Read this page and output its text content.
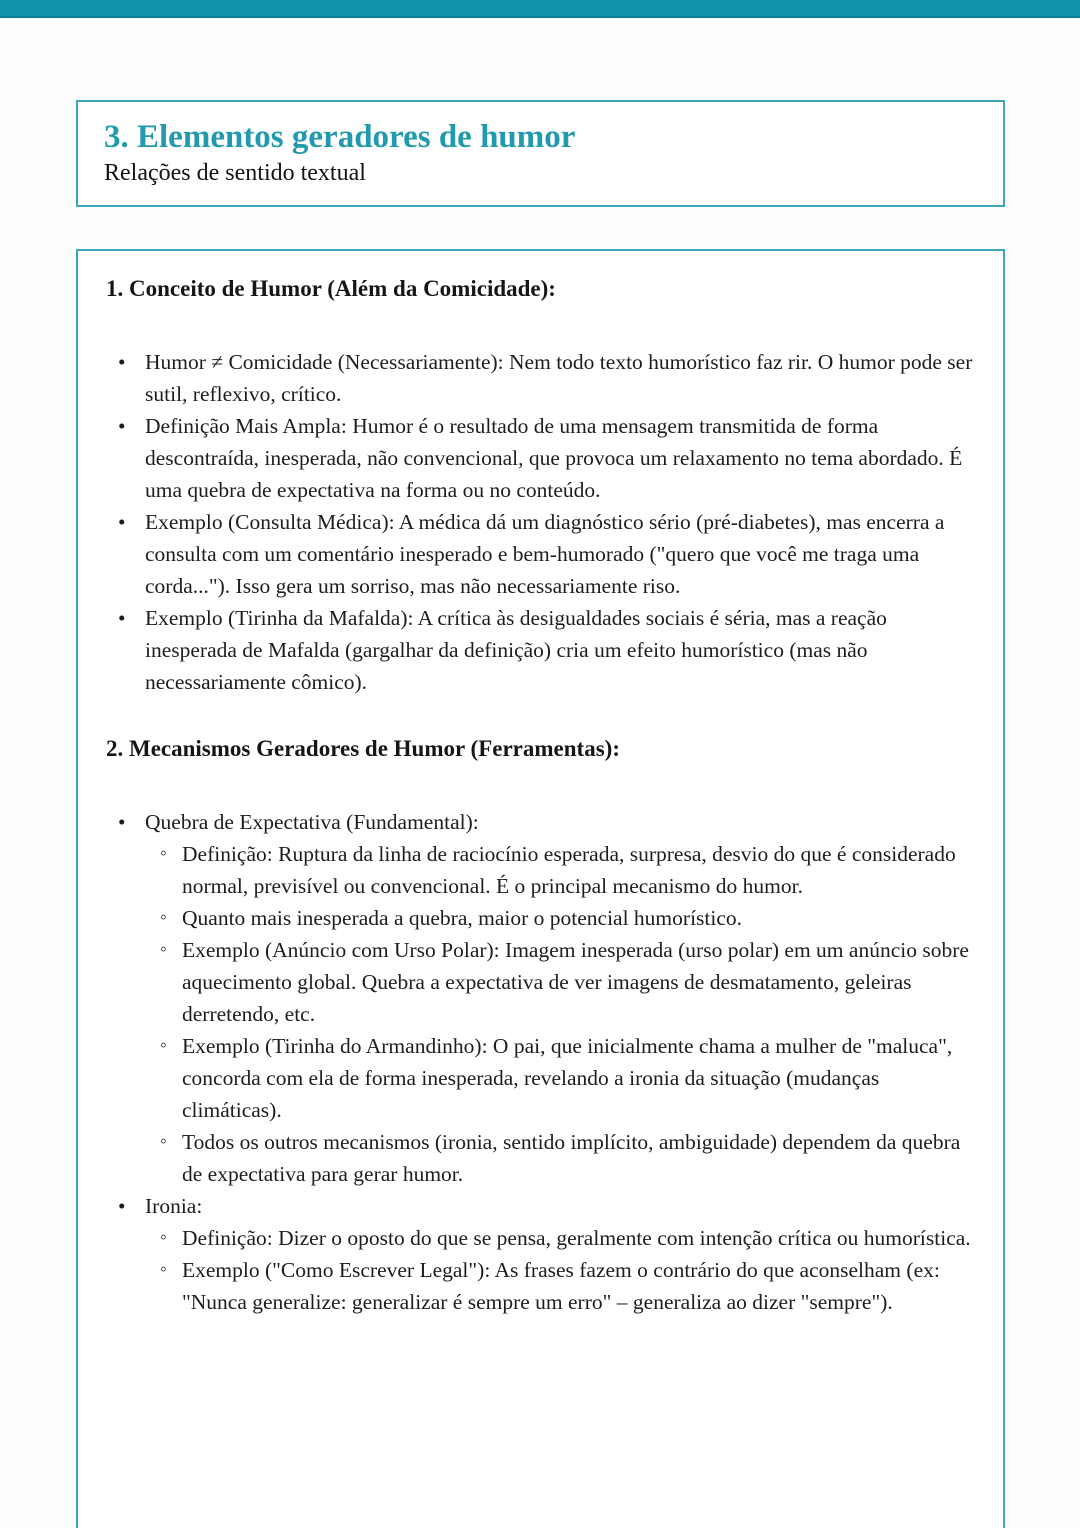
3. Elementos geradores de humor
Relações de sentido textual
1. Conceito de Humor (Além da Comicidade):
• Humor ≠ Comicidade (Necessariamente): Nem todo texto humorístico faz rir. O humor pode ser sutil, reflexivo, crítico.
• Definição Mais Ampla: Humor é o resultado de uma mensagem transmitida de forma descontraída, inesperada, não convencional, que provoca um relaxamento no tema abordado. É uma quebra de expectativa na forma ou no conteúdo.
• Exemplo (Consulta Médica): A médica dá um diagnóstico sério (pré-diabetes), mas encerra a consulta com um comentário inesperado e bem-humorado ("quero que você me traga uma corda..."). Isso gera um sorriso, mas não necessariamente riso.
• Exemplo (Tirinha da Mafalda): A crítica às desigualdades sociais é séria, mas a reação inesperada de Mafalda (gargalhar da definição) cria um efeito humorístico (mas não necessariamente cômico).
2. Mecanismos Geradores de Humor (Ferramentas):
• Quebra de Expectativa (Fundamental):
◦ Definição: Ruptura da linha de raciocínio esperada, surpresa, desvio do que é considerado normal, previsível ou convencional. É o principal mecanismo do humor.
◦ Quanto mais inesperada a quebra, maior o potencial humorístico.
◦ Exemplo (Anúncio com Urso Polar): Imagem inesperada (urso polar) em um anúncio sobre aquecimento global. Quebra a expectativa de ver imagens de desmatamento, geleiras derretendo, etc.
◦ Exemplo (Tirinha do Armandinho): O pai, que inicialmente chama a mulher de "maluca", concorda com ela de forma inesperada, revelando a ironia da situação (mudanças climáticas).
◦ Todos os outros mecanismos (ironia, sentido implícito, ambiguidade) dependem da quebra de expectativa para gerar humor.
• Ironia:
◦ Definição: Dizer o oposto do que se pensa, geralmente com intenção crítica ou humorística.
◦ Exemplo ("Como Escrever Legal"): As frases fazem o contrário do que aconselham (ex: "Nunca generalize: generalizar é sempre um erro" – generaliza ao dizer "sempre").
